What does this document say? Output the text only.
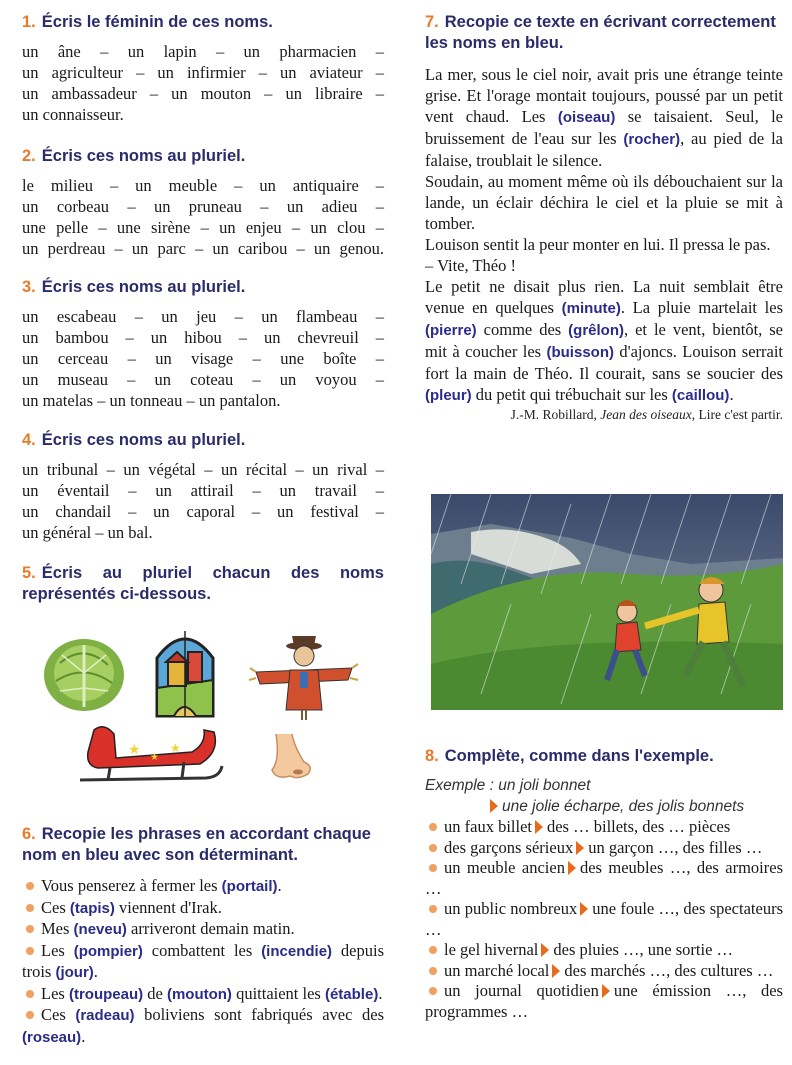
1. Écris le féminin de ces noms.

un âne – un lapin – un pharmacien –

un agriculteur – un infirmier – un aviateur –

un ambassadeur – un mouton – un libraire –

un connaisseur.

2. Écris ces noms au pluriel.

le milieu – un meuble – un antiquaire –

un corbeau – un pruneau – un adieu –

une pelle – une sirène – un enjeu – un clou –

un perdreau – un parc – un caribou – un genou.

3. Écris ces noms au pluriel.

un escabeau – un jeu – un flambeau –

un bambou – un hibou – un chevreuil –

un cerceau – un visage – une boîte –

un museau – un coteau – un voyou –

un matelas – un tonneau – un pantalon.

4. Écris ces noms au pluriel.

un tribunal – un végétal – un récital – un rival –

un éventail – un attirail – un travail –

un chandail – un caporal – un festival –

un général – un bal.

5. Écris au pluriel chacun des noms représentés ci-dessous.
★ ★
★
6. Recopie les phrases en accordant chaque nom en bleu avec son déterminant.
Vous penserez à fermer les (portail).
Ces (tapis) viennent d'Irak.
Mes (neveu) arriveront demain matin.
Les (pompier) combattent les (incendie) depuis trois (jour).
Les (troupeau) de (mouton) quittaient les (étable).
Ces (radeau) boliviens sont fabriqués avec des (roseau).
7. Recopie ce texte en écrivant correctement les noms en bleu.

La mer, sous le ciel noir, avait pris une étrange teinte grise. Et l'orage montait toujours, poussé par un petit vent chaud. Les (oiseau) se taisaient. Seul, le bruissement de l'eau sur les (rocher), au pied de la falaise, troublait le silence.

Soudain, au moment même où ils débouchaient sur la lande, un éclair déchira le ciel et la pluie se mit à tomber.

Louison sentit la peur monter en lui. Il pressa le pas.

– Vite, Théo !

Le petit ne disait plus rien. La nuit semblait être venue en quelques (minute). La pluie martelait les (pierre) comme des (grêlon), et le vent, bientôt, se mit à coucher les (buisson) d'ajoncs. Louison serrait fort la main de Théo. Il courait, sans se soucier des (pleur) du petit qui trébuchait sur les (caillou).

J.-M. Robillard, Jean des oiseaux, Lire c'est partir.
8. Complète, comme dans l'exemple.
Exemple : un joli bonnet
une jolie écharpe, des jolis bonnets
un faux billet des … billets, des … pièces
des garçons sérieux un garçon …, des filles …
un meuble ancien des meubles …, des armoires …
un public nombreux une foule …, des spectateurs …
le gel hivernal des pluies …, une sortie …
un marché local des marchés …, des cultures …
un journal quotidien une émission …, des programmes …
